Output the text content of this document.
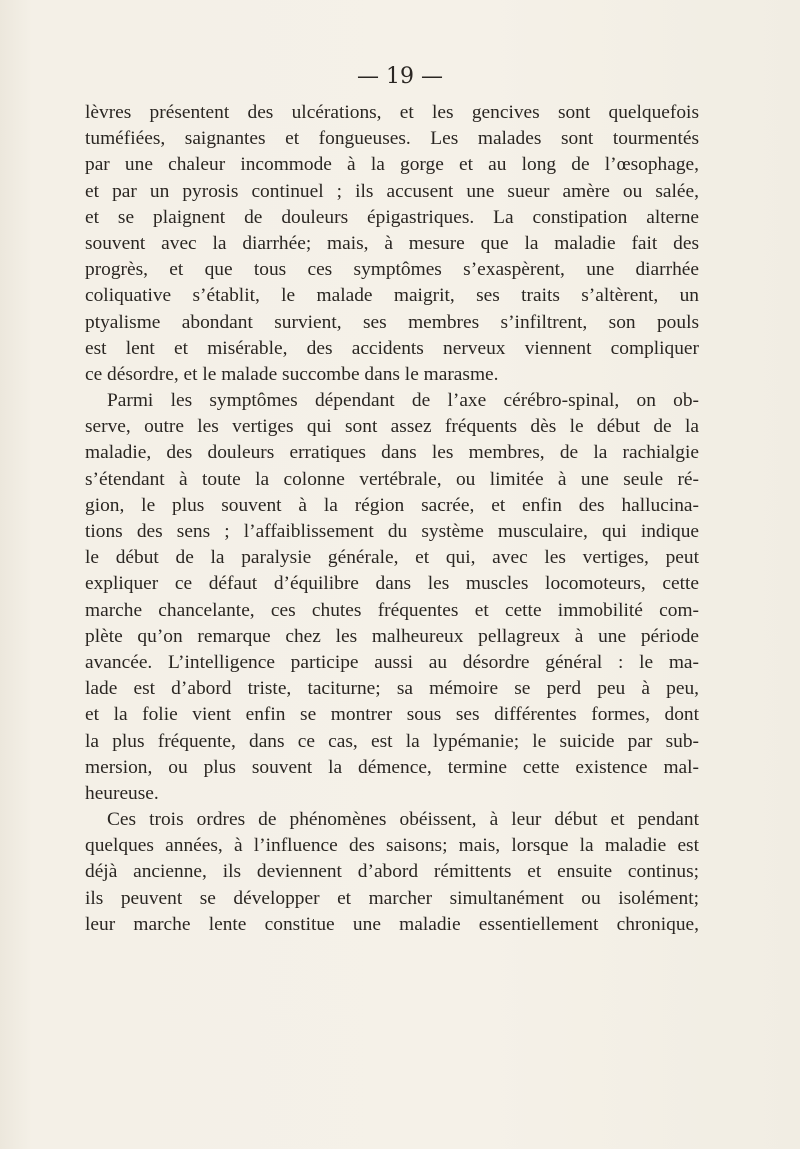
— 19 —
lèvres présentent des ulcérations, et les gencives sont quelquefois
tuméfiées, saignantes et fongueuses. Les malades sont tourmentés
par une chaleur incommode à la gorge et au long de l’œsophage,
et par un pyrosis continuel ; ils accusent une sueur amère ou salée,
et se plaignent de douleurs épigastriques. La constipation alterne
souvent avec la diarrhée; mais, à mesure que la maladie fait des
progrès, et que tous ces symptômes s’exaspèrent, une diarrhée
coliquative s’établit, le malade maigrit, ses traits s’altèrent, un
ptyalisme abondant survient, ses membres s’infiltrent, son pouls
est lent et misérable, des accidents nerveux viennent compliquer
ce désordre, et le malade succombe dans le marasme.
Parmi les symptômes dépendant de l’axe cérébro-spinal, on ob-
serve, outre les vertiges qui sont assez fréquents dès le début de la
maladie, des douleurs erratiques dans les membres, de la rachialgie
s’étendant à toute la colonne vertébrale, ou limitée à une seule ré-
gion, le plus souvent à la région sacrée, et enfin des hallucina-
tions des sens ; l’affaiblissement du système musculaire, qui indique
le début de la paralysie générale, et qui, avec les vertiges, peut
expliquer ce défaut d’équilibre dans les muscles locomoteurs, cette
marche chancelante, ces chutes fréquentes et cette immobilité com-
plète qu’on remarque chez les malheureux pellagreux à une période
avancée. L’intelligence participe aussi au désordre général : le ma-
lade est d’abord triste, taciturne; sa mémoire se perd peu à peu,
et la folie vient enfin se montrer sous ses différentes formes, dont
la plus fréquente, dans ce cas, est la lypémanie; le suicide par sub-
mersion, ou plus souvent la démence, termine cette existence mal-
heureuse.
Ces trois ordres de phénomènes obéissent, à leur début et pendant
quelques années, à l’influence des saisons; mais, lorsque la maladie est
déjà ancienne, ils deviennent d’abord rémittents et ensuite continus;
ils peuvent se développer et marcher simultanément ou isolément;
leur marche lente constitue une maladie essentiellement chronique,
